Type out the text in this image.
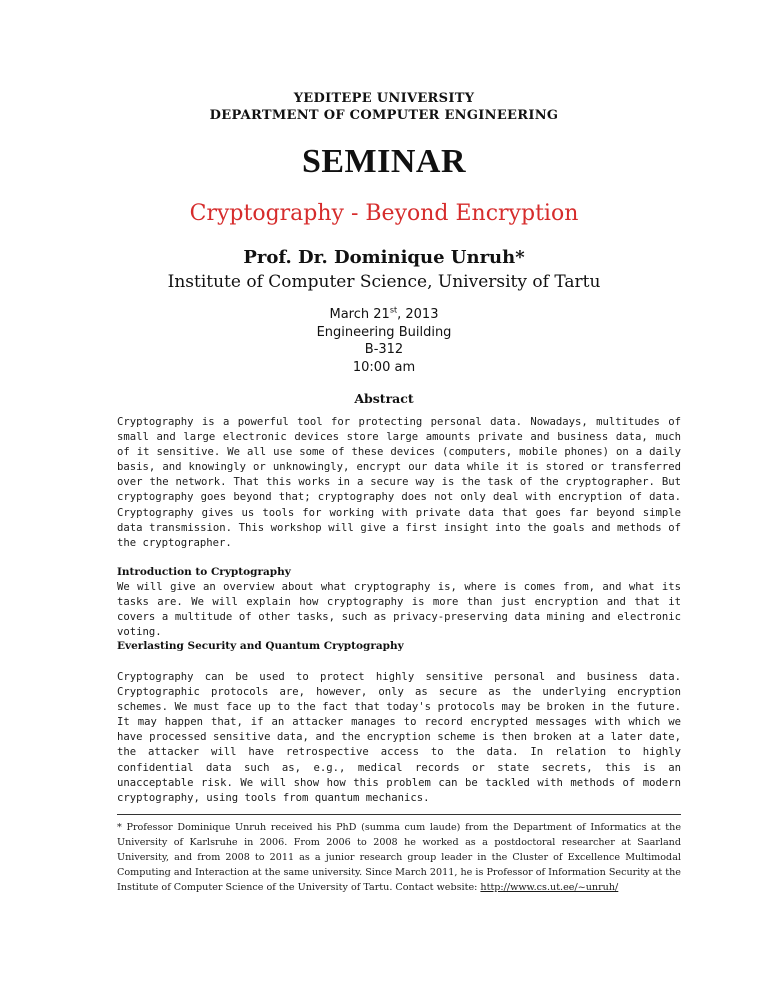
YEDITEPE UNIVERSITY
DEPARTMENT OF COMPUTER ENGINEERING
SEMINAR
Cryptography - Beyond Encryption
Prof. Dr. Dominique Unruh*
Institute of Computer Science, University of Tartu
March 21st, 2013
Engineering Building
B-312
10:00 am
Abstract
Cryptography is a powerful tool for protecting personal data. Nowadays, multitudes of small and large electronic devices store large amounts private and business data, much of it sensitive. We all use some of these devices (computers, mobile phones) on a daily basis, and knowingly or unknowingly, encrypt our data while it is stored or transferred over the network. That this works in a secure way is the task of the cryptographer. But cryptography goes beyond that; cryptography does not only deal with encryption of data. Cryptography gives us tools for working with private data that goes far beyond simple data transmission. This workshop will give a first insight into the goals and methods of the cryptographer.
Introduction to Cryptography
We will give an overview about what cryptography is, where is comes from, and what its tasks are. We will explain how cryptography is more than just encryption and that it covers a multitude of other tasks, such as privacy-preserving data mining and electronic voting.
Everlasting Security and Quantum Cryptography
Cryptography can be used to protect highly sensitive personal and business data. Cryptographic protocols are, however, only as secure as the underlying encryption schemes. We must face up to the fact that today's protocols may be broken in the future. It may happen that, if an attacker manages to record encrypted messages with which we have processed sensitive data, and the encryption scheme is then broken at a later date, the attacker will have retrospective access to the data. In relation to highly confidential data such as, e.g., medical records or state secrets, this is an unacceptable risk. We will show how this problem can be tackled with methods of modern cryptography, using tools from quantum mechanics.
* Professor Dominique Unruh received his PhD (summa cum laude) from the Department of Informatics at the University of Karlsruhe in 2006. From 2006 to 2008 he worked as a postdoctoral researcher at Saarland University, and from 2008 to 2011 as a junior research group leader in the Cluster of Excellence Multimodal Computing and Interaction at the same university. Since March 2011, he is Professor of Information Security at the Institute of Computer Science of the University of Tartu. Contact website: http://www.cs.ut.ee/~unruh/
